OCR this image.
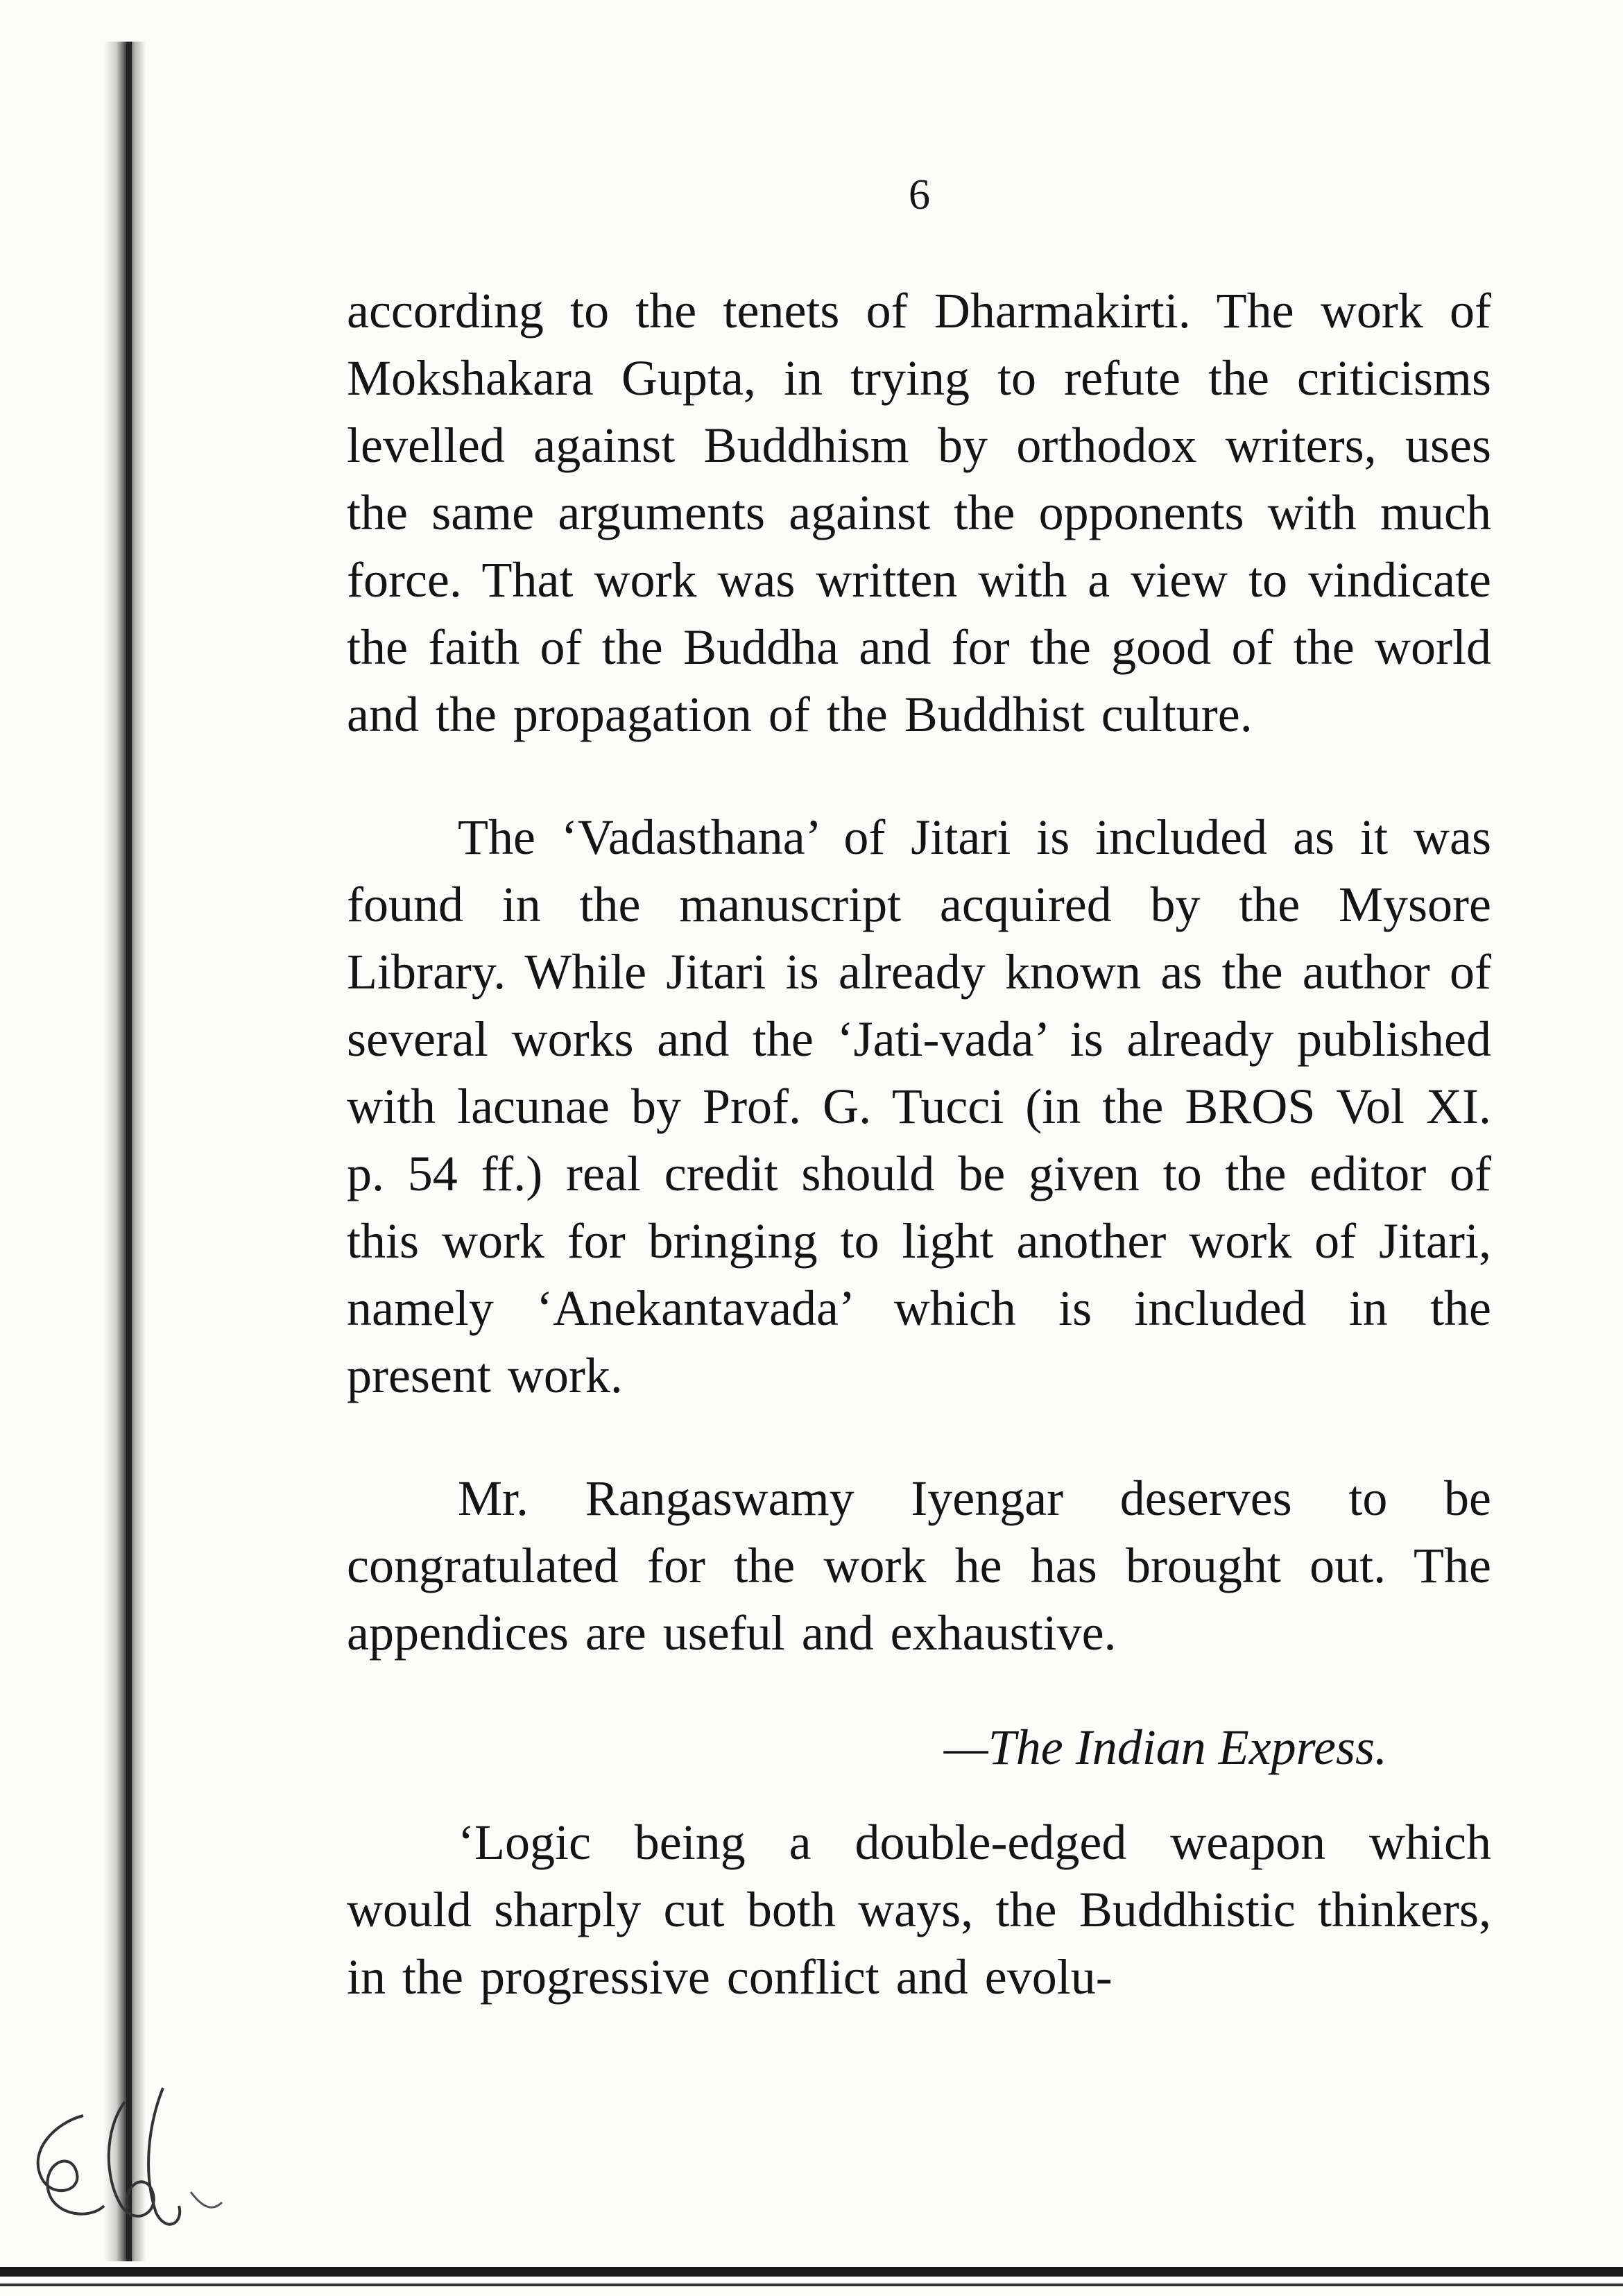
6

according to the tenets of Dharmakirti. The work of Mokshakara Gupta, in trying to refute the criticisms levelled against Buddhism by orthodox writers, uses the same arguments against the opponents with much force. That work was written with a view to vindicate the faith of the Buddha and for the good of the world and the propagation of the Buddhist culture.

The ‘Vadasthana’ of Jitari is included as it was found in the manuscript acquired by the Mysore Library. While Jitari is already known as the author of several works and the ‘Jati-vada’ is already published with lacunae by Prof. G. Tucci (in the BROS Vol XI. p. 54 ff.) real credit should be given to the editor of this work for bringing to light another work of Jitari, namely ‘Anekantavada’ which is included in the present work.

Mr. Rangaswamy Iyengar deserves to be congratulated for the work he has brought out. The appendices are useful and exhaustive.

—The Indian Express.

‘Logic being a double-edged weapon which would sharply cut both ways, the Buddhistic thinkers, in the progressive conflict and evolu-
